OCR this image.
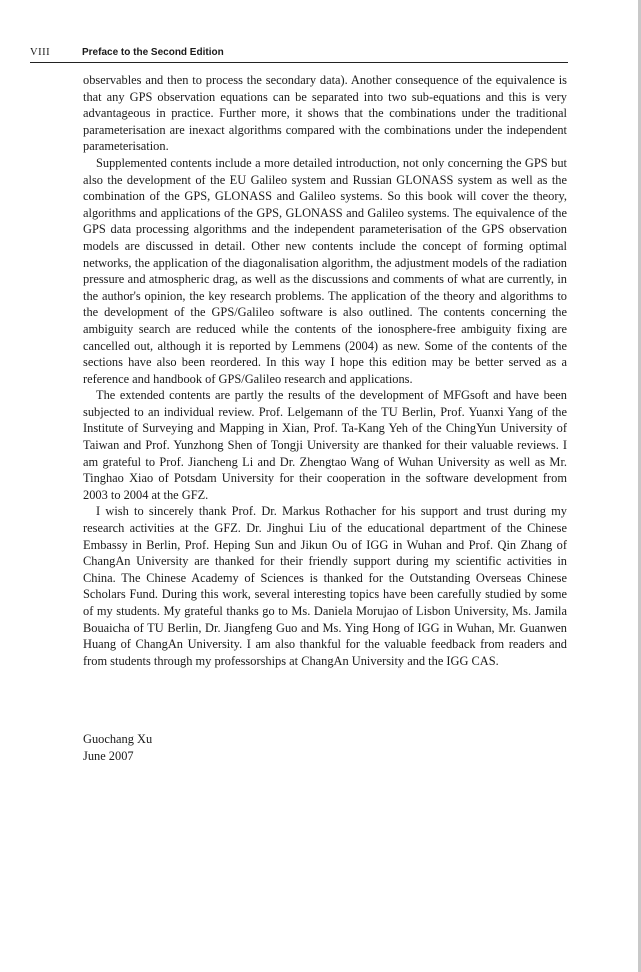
VIII	Preface to the Second Edition

observables and then to process the secondary data). Another consequence of the equivalence is that any GPS observation equations can be separated into two sub-equations and this is very advantageous in practice. Further more, it shows that the combinations under the traditional parameterisation are inexact algorithms compared with the combinations under the independent parameterisation.

Supplemented contents include a more detailed introduction, not only concerning the GPS but also the development of the EU Galileo system and Russian GLONASS system as well as the combination of the GPS, GLONASS and Galileo systems. So this book will cover the theory, algorithms and applications of the GPS, GLONASS and Galileo systems. The equivalence of the GPS data processing algorithms and the independent parameterisation of the GPS observation models are discussed in detail. Other new contents include the concept of forming optimal networks, the application of the diagonalisation algorithm, the adjustment models of the radiation pressure and atmospheric drag, as well as the discussions and comments of what are currently, in the author's opinion, the key research problems. The application of the theory and algorithms to the development of the GPS/Galileo software is also outlined. The contents concerning the ambiguity search are reduced while the contents of the ionosphere-free ambiguity fixing are cancelled out, although it is reported by Lemmens (2004) as new. Some of the contents of the sections have also been reordered. In this way I hope this edition may be better served as a reference and handbook of GPS/Galileo research and applications.

The extended contents are partly the results of the development of MFGsoft and have been subjected to an individual review. Prof. Lelgemann of the TU Berlin, Prof. Yuanxi Yang of the Institute of Surveying and Mapping in Xian, Prof. Ta-Kang Yeh of the ChingYun University of Taiwan and Prof. Yunzhong Shen of Tongji University are thanked for their valuable reviews. I am grateful to Prof. Jiancheng Li and Dr. Zhengtao Wang of Wuhan University as well as Mr. Tinghao Xiao of Potsdam University for their cooperation in the software development from 2003 to 2004 at the GFZ.

I wish to sincerely thank Prof. Dr. Markus Rothacher for his support and trust during my research activities at the GFZ. Dr. Jinghui Liu of the educational department of the Chinese Embassy in Berlin, Prof. Heping Sun and Jikun Ou of IGG in Wuhan and Prof. Qin Zhang of ChangAn University are thanked for their friendly support during my scientific activities in China. The Chinese Academy of Sciences is thanked for the Outstanding Overseas Chinese Scholars Fund. During this work, several interesting topics have been carefully studied by some of my students. My grateful thanks go to Ms. Daniela Morujao of Lisbon University, Ms. Jamila Bouaicha of TU Berlin, Dr. Jiangfeng Guo and Ms. Ying Hong of IGG in Wuhan, Mr. Guanwen Huang of ChangAn University. I am also thankful for the valuable feedback from readers and from students through my professorships at ChangAn University and the IGG CAS.

Guochang Xu
June 2007
